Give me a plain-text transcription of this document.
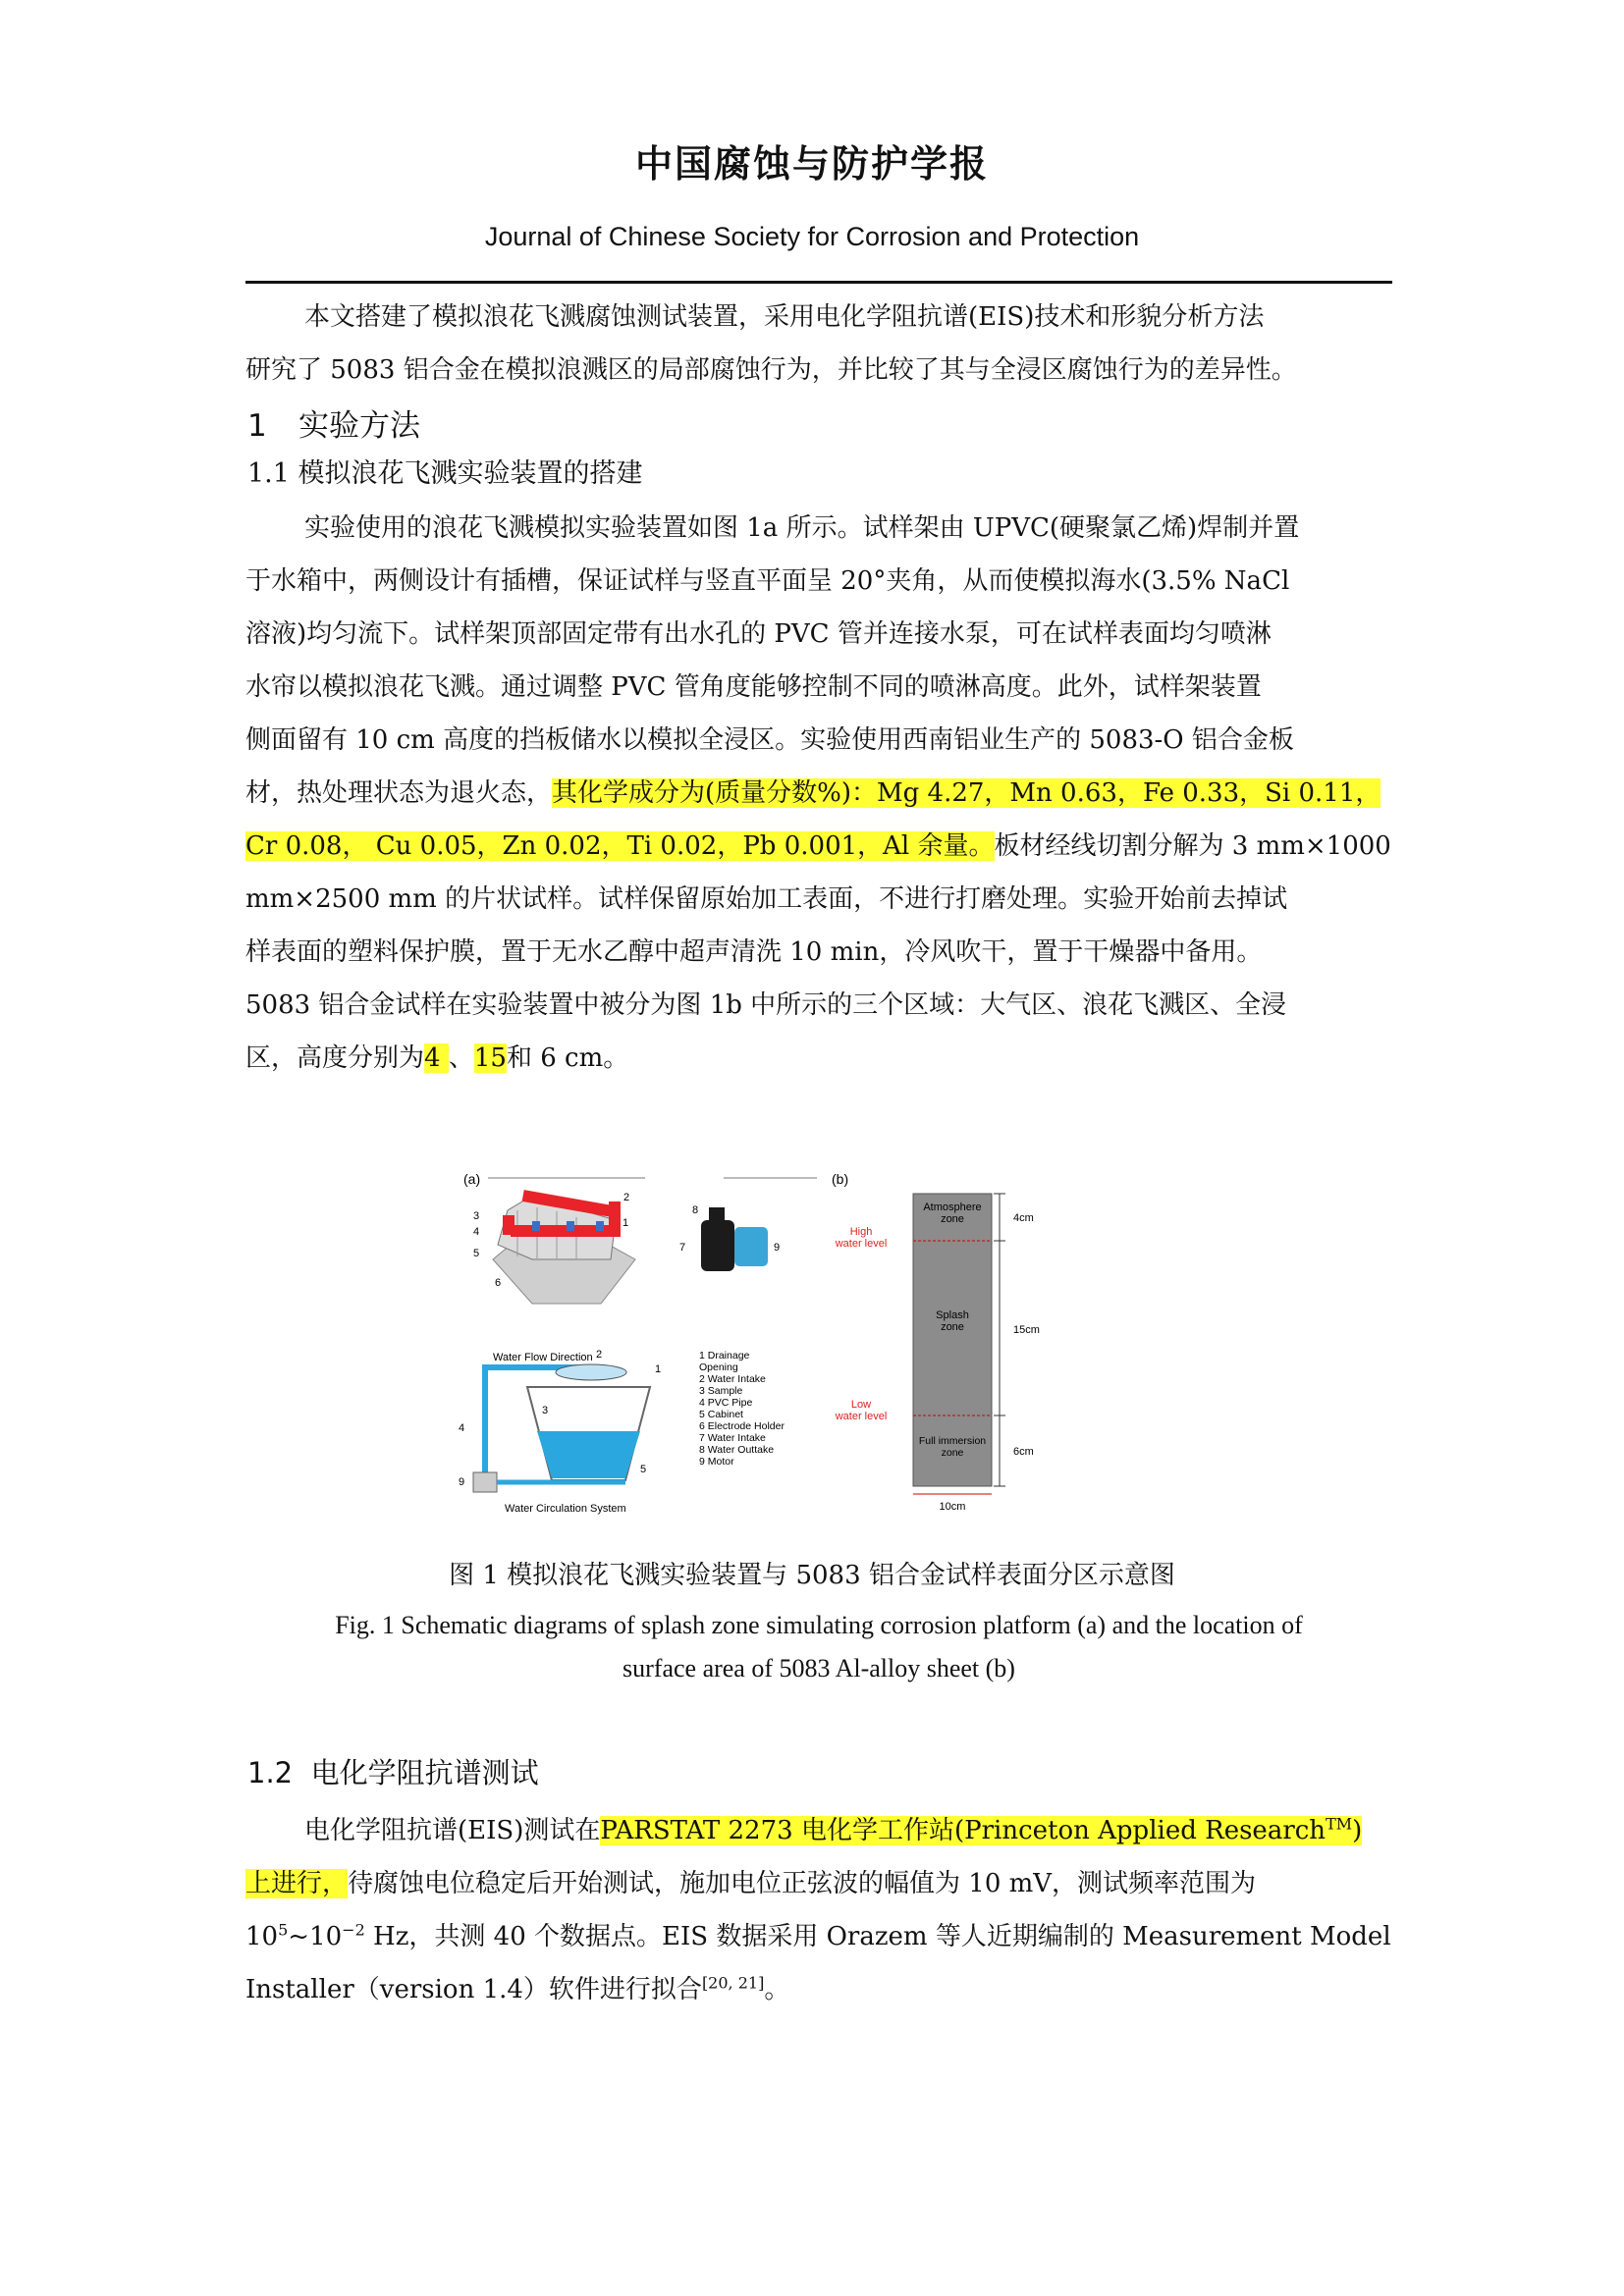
中国腐蚀与防护学报
Journal of Chinese Society for Corrosion and Protection
本文搭建了模拟浪花飞溅腐蚀测试装置，采用电化学阻抗谱(EIS)技术和形貌分析方法
研究了 5083 铝合金在模拟浪溅区的局部腐蚀行为，并比较了其与全浸区腐蚀行为的差异性。
1 实验方法
1.1 模拟浪花飞溅实验装置的搭建
实验使用的浪花飞溅模拟实验装置如图 1a 所示。试样架由 UPVC(硬聚氯乙烯)焊制并置
于水箱中，两侧设计有插槽，保证试样与竖直平面呈 20°夹角，从而使模拟海水(3.5% NaCl
溶液)均匀流下。试样架顶部固定带有出水孔的 PVC 管并连接水泵，可在试样表面均匀喷淋
水帘以模拟浪花飞溅。通过调整 PVC 管角度能够控制不同的喷淋高度。此外，试样架装置
侧面留有 10 cm 高度的挡板储水以模拟全浸区。实验使用西南铝业生产的 5083-O 铝合金板
材，热处理状态为退火态，其化学成分为(质量分数%)：Mg 4.27，Mn 0.63，Fe 0.33，Si 0.11，
Cr 0.08， Cu 0.05，Zn 0.02，Ti 0.02，Pb 0.001，Al 余量。板材经线切割分解为 3 mm×1000
mm×2500 mm 的片状试样。试样保留原始加工表面，不进行打磨处理。实验开始前去掉试
样表面的塑料保护膜，置于无水乙醇中超声清洗 10 min，冷风吹干，置于干燥器中备用。
5083 铝合金试样在实验装置中被分为图 1b 中所示的三个区域：大气区、浪花飞溅区、全浸
区，高度分别为4 、15和 6 cm。
(a)
2
1
3
4
5
6
Water Flow Direction
Water Circulation System
9
4
2
1
3
5
8
7	9
1 Drainage
Opening
2 Water Intake
3 Sample
4 PVC Pipe
5 Cabinet
6 Electrode Holder
7 Water Intake
8 Water Outtake
9 Motor
(b)
Atmosphere
zone
Splash
zone
Full immersion
zone
High
water level
Low
water level
4cm
15cm
6cm
10cm
图 1 模拟浪花飞溅实验装置与 5083 铝合金试样表面分区示意图
Fig. 1 Schematic diagrams of splash zone simulating corrosion platform (a) and the location of
surface area of 5083 Al-alloy sheet (b)
1.2 电化学阻抗谱测试
电化学阻抗谱(EIS)测试在PARSTAT 2273 电化学工作站(Princeton Applied Research™)
上进行，待腐蚀电位稳定后开始测试，施加电位正弦波的幅值为 10 mV，测试频率范围为
$10^5\sim 10^{-2}$ Hz，共测 40 个数据点。EIS 数据采用 Orazem 等人近期编制的 Measurement Model
Installer（version 1.4）软件进行拟合[20, 21]。
